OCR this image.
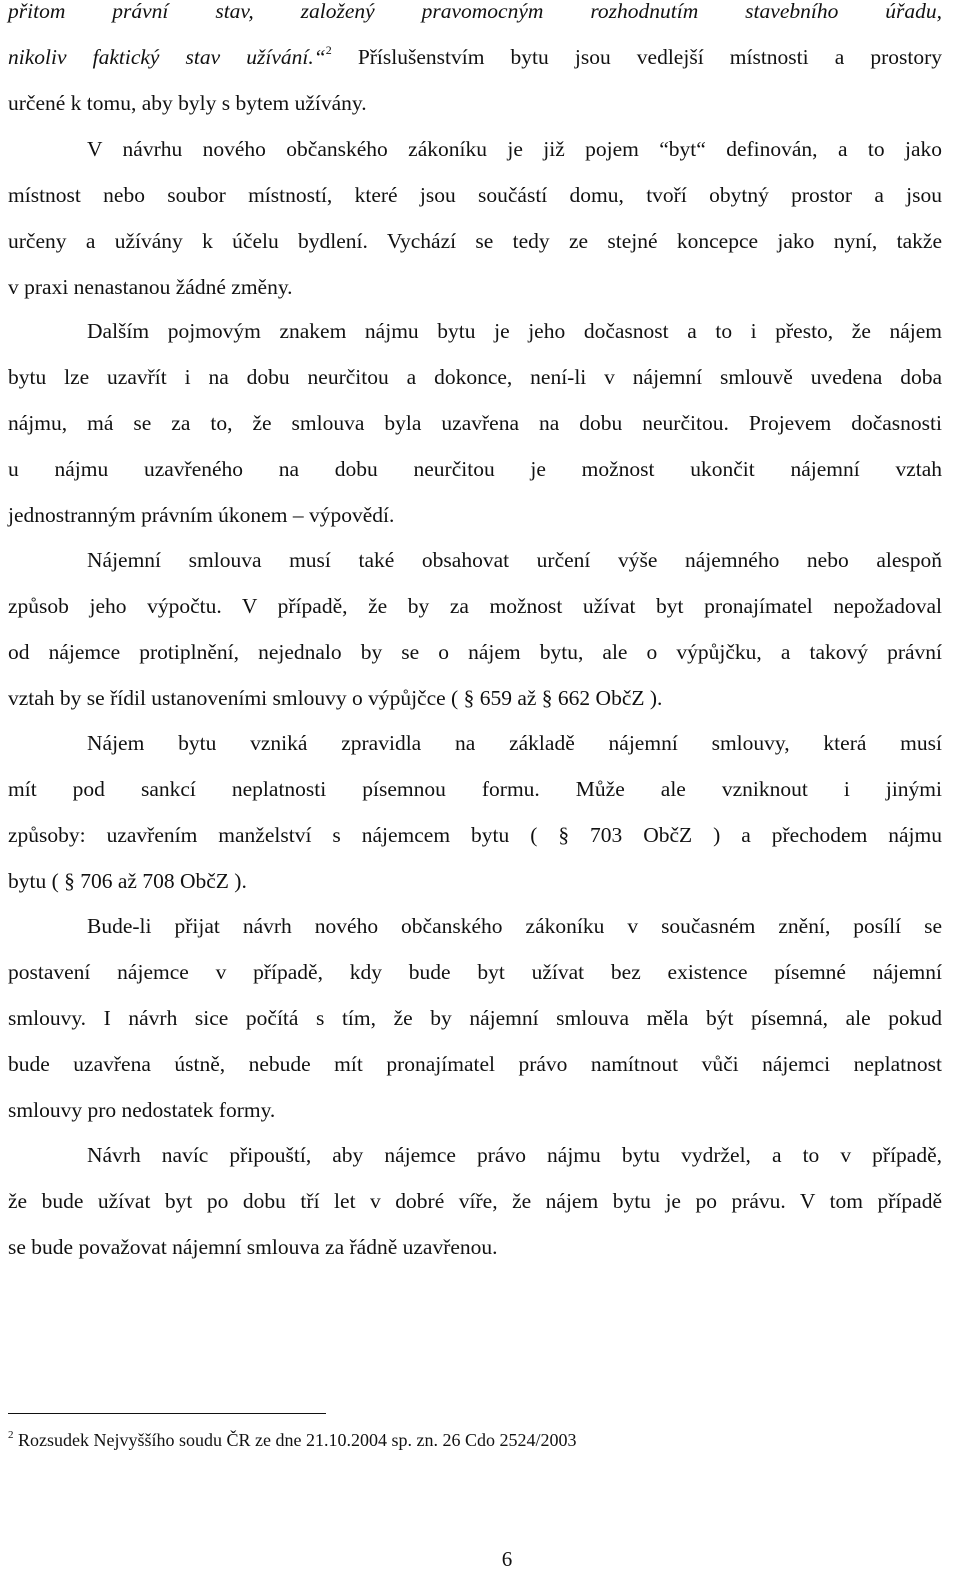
přitom právní stav, založený pravomocným rozhodnutím stavebního úřadu,
nikoliv faktický stav užívání.“$^2$ Příslušenstvím bytu jsou vedlejší místnosti a prostory
určené k tomu, aby byly s bytem užívány.
V návrhu nového občanského zákoníku je již pojem “byt“ definován, a to jako
místnost nebo soubor místností, které jsou součástí domu, tvoří obytný prostor a jsou
určeny a užívány k účelu bydlení. Vychází se tedy ze stejné koncepce jako nyní, takže
v praxi nenastanou žádné změny.
Dalším pojmovým znakem nájmu bytu je jeho dočasnost a to i přesto, že nájem
bytu lze uzavřít i na dobu neurčitou a dokonce, není-li v nájemní smlouvě uvedena doba
nájmu, má se za to, že smlouva byla uzavřena na dobu neurčitou. Projevem dočasnosti
u nájmu uzavřeného na dobu neurčitou je možnost ukončit nájemní vztah
jednostranným právním úkonem – výpovědí.
Nájemní smlouva musí také obsahovat určení výše nájemného nebo alespoň
způsob jeho výpočtu. V případě, že by za možnost užívat byt pronajímatel nepožadoval
od nájemce protiplnění, nejednalo by se o nájem bytu, ale o výpůjčku, a takový právní
vztah by se řídil ustanoveními smlouvy o výpůjčce ( § 659 až § 662 ObčZ ).
Nájem bytu vzniká zpravidla na základě nájemní smlouvy, která musí
mít pod sankcí neplatnosti písemnou formu. Může ale vzniknout i jinými
způsoby: uzavřením manželství s nájemcem bytu ( § 703 ObčZ ) a přechodem nájmu
bytu ( § 706 až 708 ObčZ ).
Bude-li přijat návrh nového občanského zákoníku v současném znění, posílí se
postavení nájemce v případě, kdy bude byt užívat bez existence písemné nájemní
smlouvy. I návrh sice počítá s tím, že by nájemní smlouva měla být písemná, ale pokud
bude uzavřena ústně, nebude mít pronajímatel právo namítnout vůči nájemci neplatnost
smlouvy pro nedostatek formy.
Návrh navíc připouští, aby nájemce právo nájmu bytu vydržel, a to v případě,
že bude užívat byt po dobu tří let v dobré víře, že nájem bytu je po právu. V tom případě
se bude považovat nájemní smlouva za řádně uzavřenou.
$^2$ Rozsudek Nejvyššího soudu ČR ze dne 21.10.2004 sp. zn. 26 Cdo 2524/2003
6
